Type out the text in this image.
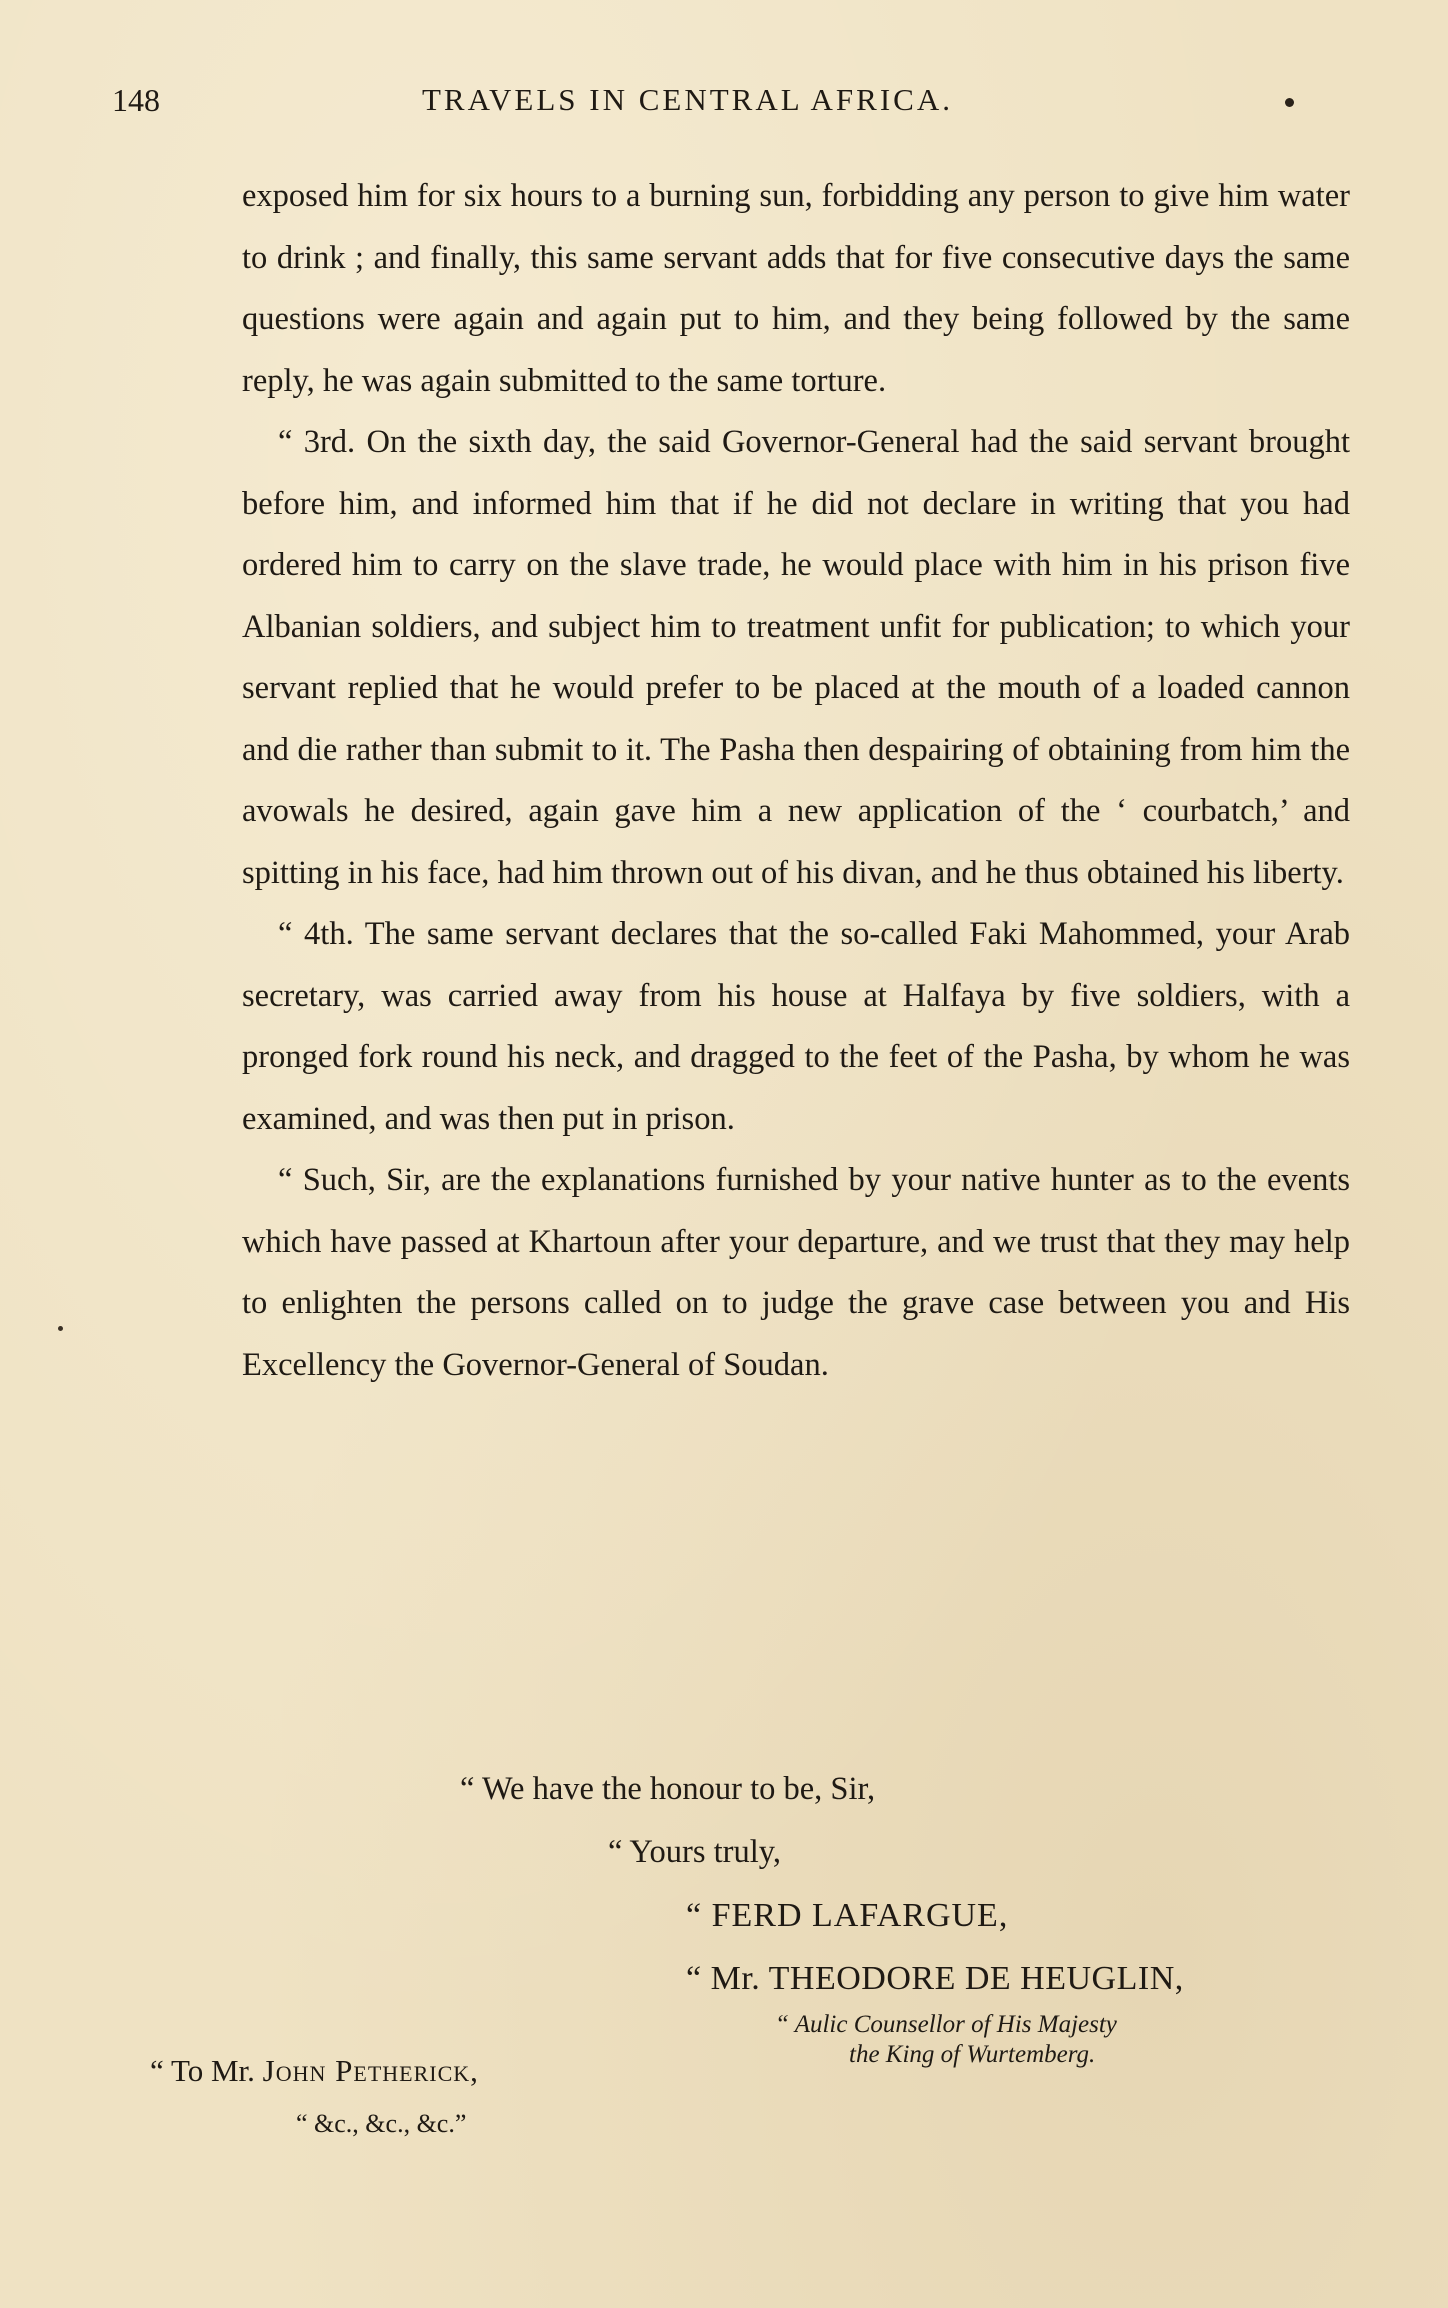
148	TRAVELS IN CENTRAL AFRICA.

exposed him for six hours to a burning sun, forbidding any person to give him water to drink ; and finally, this same servant adds that for five consecutive days the same questions were again and again put to him, and they being followed by the same reply, he was again submitted to the same torture.

“ 3rd. On the sixth day, the said Governor-General had the said servant brought before him, and informed him that if he did not declare in writing that you had ordered him to carry on the slave trade, he would place with him in his prison five Albanian soldiers, and subject him to treatment unfit for publication; to which your servant replied that he would prefer to be placed at the mouth of a loaded cannon and die rather than submit to it. The Pasha then despairing of obtaining from him the avowals he desired, again gave him a new application of the ‘ courbatch,’ and spitting in his face, had him thrown out of his divan, and he thus obtained his liberty.

“ 4th. The same servant declares that the so-called Faki Mahommed, your Arab secretary, was carried away from his house at Halfaya by five soldiers, with a pronged fork round his neck, and dragged to the feet of the Pasha, by whom he was examined, and was then put in prison.

“ Such, Sir, are the explanations furnished by your native hunter as to the events which have passed at Khartoun after your departure, and we trust that they may help to enlighten the persons called on to judge the grave case between you and His Excellency the Governor-General of Soudan.

“ We have the honour to be, Sir,
“ Yours truly,
“ FERD LAFARGUE,
“ Mr. THEODORE DE HEUGLIN,
“ Aulic Counsellor of His Majesty
the King of Wurtemberg.
“ To Mr. John Petherick,
“ &c., &c., &c.”
